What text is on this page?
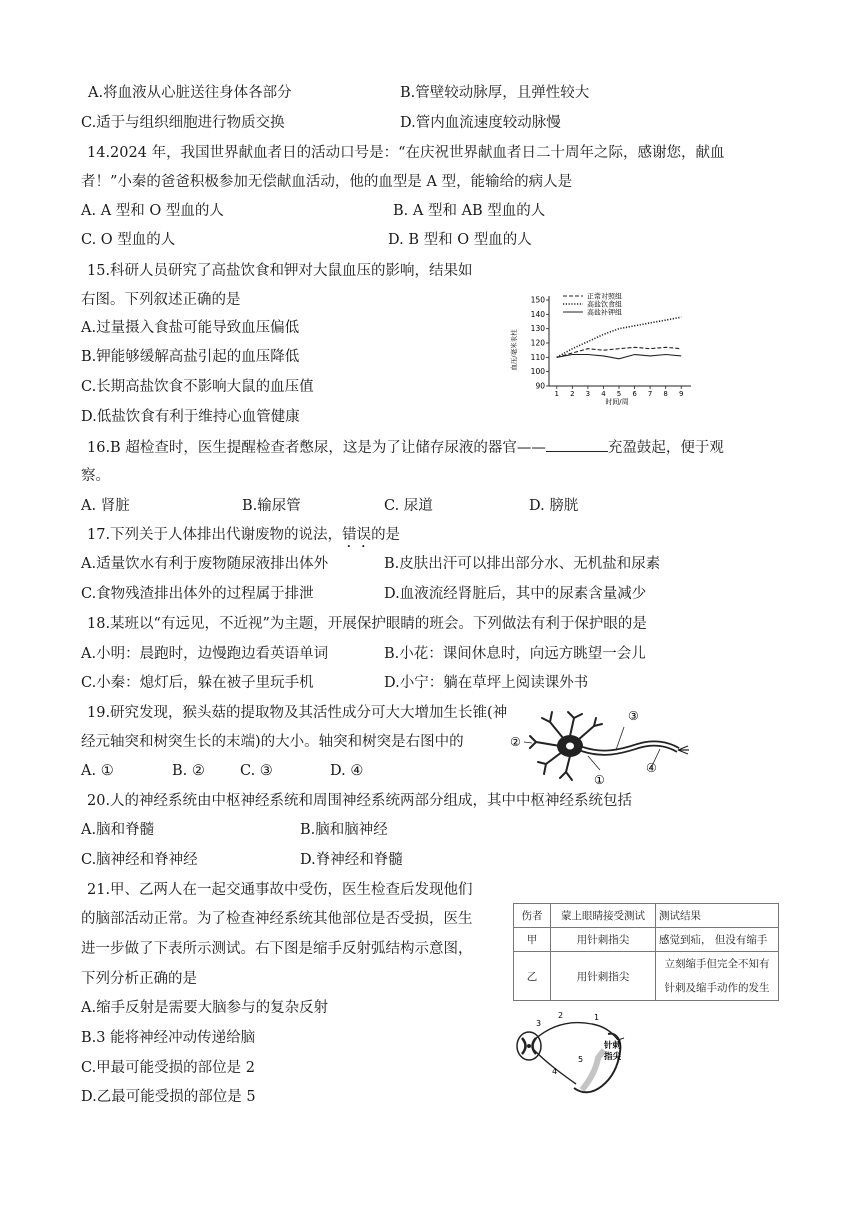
A.将血液从心脏送往身体各部分	B.管壁较动脉厚，且弹性较大
C.适于与组织细胞进行物质交换	D.管内血流速度较动脉慢
14.2024 年，我国世界献血者日的活动口号是：“在庆祝世界献血者日二十周年之际，感谢您，献血
者！”小秦的爸爸积极参加无偿献血活动，他的血型是 A 型，能输给的病人是
A. A 型和 O 型血的人	B. A 型和 AB 型血的人
C. O 型血的人	D. B 型和 O 型血的人
15.科研人员研究了高盐饮食和钾对大鼠血压的影响，结果如
右图。下列叙述正确的是
A.过量摄入食盐可能导致血压偏低
B.钾能够缓解高盐引起的血压降低
C.长期高盐饮食不影响大鼠的血压值
D.低盐饮食有利于维持心血管健康
90
100
110
120
130
140
150
1 2 3 4 5 6 7 8 9
正常对照组
高盐饮食组
高盐补钾组
血压/毫米汞柱
时间/周
16.B 超检查时，医生提醒检查者憋尿，这是为了让储存尿液的器官——	充盈鼓起，便于观
察。
A. 肾脏	B.输尿管	C. 尿道	D. 膀胱
17.下列关于人体排出代谢废物的说法，错误的是
A.适量饮水有利于废物随尿液排出体外	B.皮肤出汗可以排出部分水、无机盐和尿素
C.食物残渣排出体外的过程属于排泄	D.血液流经肾脏后，其中的尿素含量减少
18.某班以“有远见，不近视”为主题，开展保护眼睛的班会。下列做法有利于保护眼的是
A.小明：晨跑时，边慢跑边看英语单词	B.小花：课间休息时，向远方眺望一会儿
C.小秦：熄灯后，躲在被子里玩手机	D.小宁：躺在草坪上阅读课外书
19.研究发现，猴头菇的提取物及其活性成分可大大增加生长锥(神
经元轴突和树突生长的末端)的大小。轴突和树突是右图中的
A. ①	B. ② C. ③	D. ④
③
②
④
①
20.人的神经系统由中枢神经系统和周围神经系统两部分组成，其中中枢神经系统包括
A.脑和脊髓	B.脑和脑神经
C.脑神经和脊神经	D.脊神经和脊髓
21.甲、乙两人在一起交通事故中受伤，医生检查后发现他们
的脑部活动正常。为了检查神经系统其他部位是否受损，医生
进一步做了下表所示测试。右下图是缩手反射弧结构示意图，
下列分析正确的是
A.缩手反射是需要大脑参与的复杂反射
B.3 能将神经冲动传递给脑
C.甲最可能受损的部位是 2
D.乙最可能受损的部位是 5
伤者	蒙上眼睛接受测试	测试结果
甲	用针刺指尖	感觉到疝， 但没有缩手
乙	用针刺指尖	立刻缩手但完全不知有
针刺及缩手动作的发生
3
2	1
4
5
针刺
指尖
